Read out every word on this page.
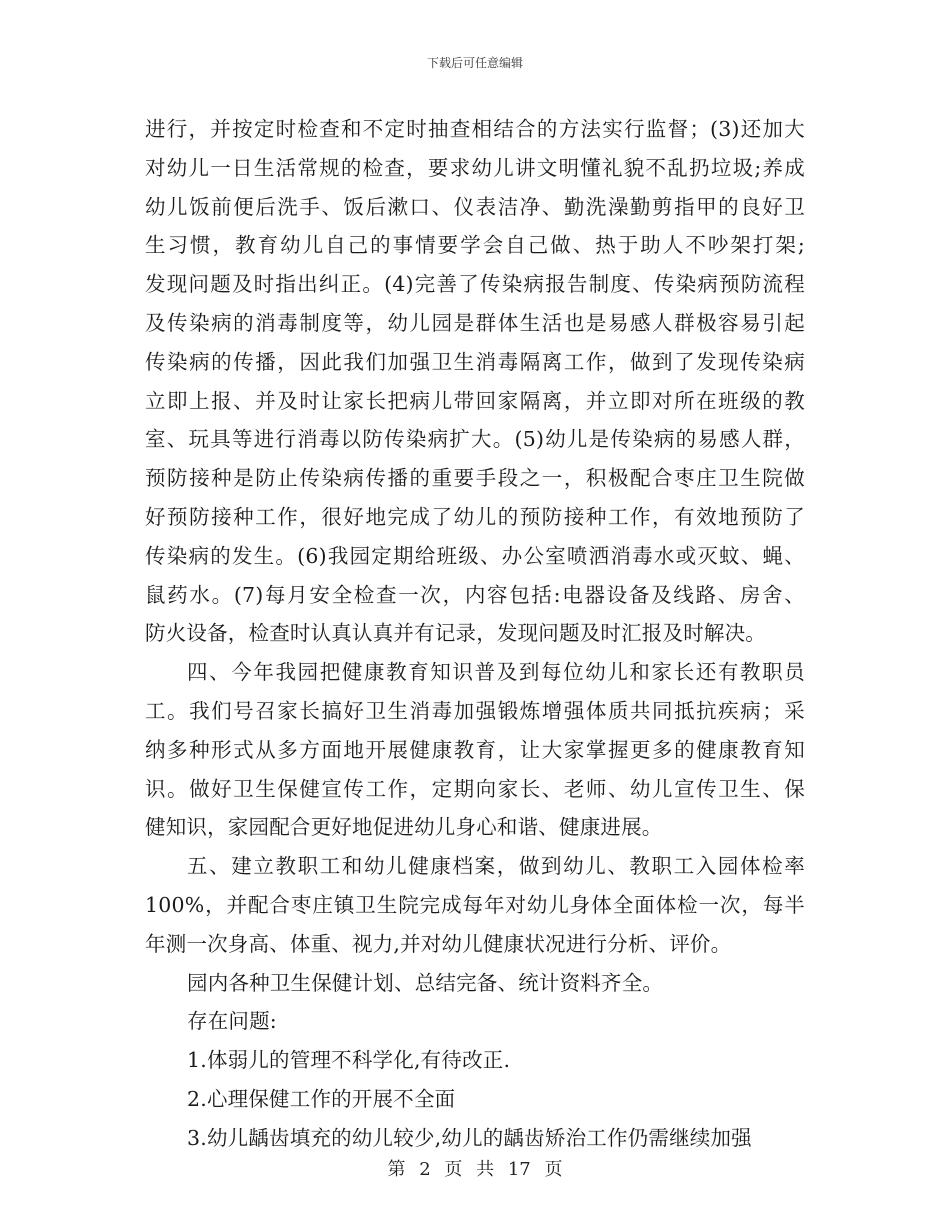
下载后可任意编辑
进行，并按定时检查和不定时抽查相结合的方法实行监督；(3)还加大
对幼儿一日生活常规的检查，要求幼儿讲文明懂礼貌不乱扔垃圾;养成
幼儿饭前便后洗手、饭后漱口、仪表洁净、勤洗澡勤剪指甲的良好卫
生习惯，教育幼儿自己的事情要学会自己做、热于助人不吵架打架;
发现问题及时指出纠正。(4)完善了传染病报告制度、传染病预防流程
及传染病的消毒制度等，幼儿园是群体生活也是易感人群极容易引起
传染病的传播，因此我们加强卫生消毒隔离工作，做到了发现传染病
立即上报、并及时让家长把病儿带回家隔离，并立即对所在班级的教
室、玩具等进行消毒以防传染病扩大。(5)幼儿是传染病的易感人群，
预防接种是防止传染病传播的重要手段之一，积极配合枣庄卫生院做
好预防接种工作，很好地完成了幼儿的预防接种工作，有效地预防了
传染病的发生。(6)我园定期给班级、办公室喷洒消毒水或灭蚊、蝇、
鼠药水。(7)每月安全检查一次，内容包括:电器设备及线路、房舍、
防火设备，检查时认真认真并有记录，发现问题及时汇报及时解决。
四、今年我园把健康教育知识普及到每位幼儿和家长还有教职员
工。我们号召家长搞好卫生消毒加强锻炼增强体质共同抵抗疾病；采
纳多种形式从多方面地开展健康教育，让大家掌握更多的健康教育知
识。做好卫生保健宣传工作，定期向家长、老师、幼儿宣传卫生、保
健知识，家园配合更好地促进幼儿身心和谐、健康进展。
五、建立教职工和幼儿健康档案，做到幼儿、教职工入园体检率
100%，并配合枣庄镇卫生院完成每年对幼儿身体全面体检一次，每半
年测一次身高、体重、视力,并对幼儿健康状况进行分析、评价。
园内各种卫生保健计划、总结完备、统计资料齐全。
存在问题:
1.体弱儿的管理不科学化,有待改正.
2.心理保健工作的开展不全面
3.幼儿龋齿填充的幼儿较少,幼儿的龋齿矫治工作仍需继续加强
第 2 页 共 17 页
